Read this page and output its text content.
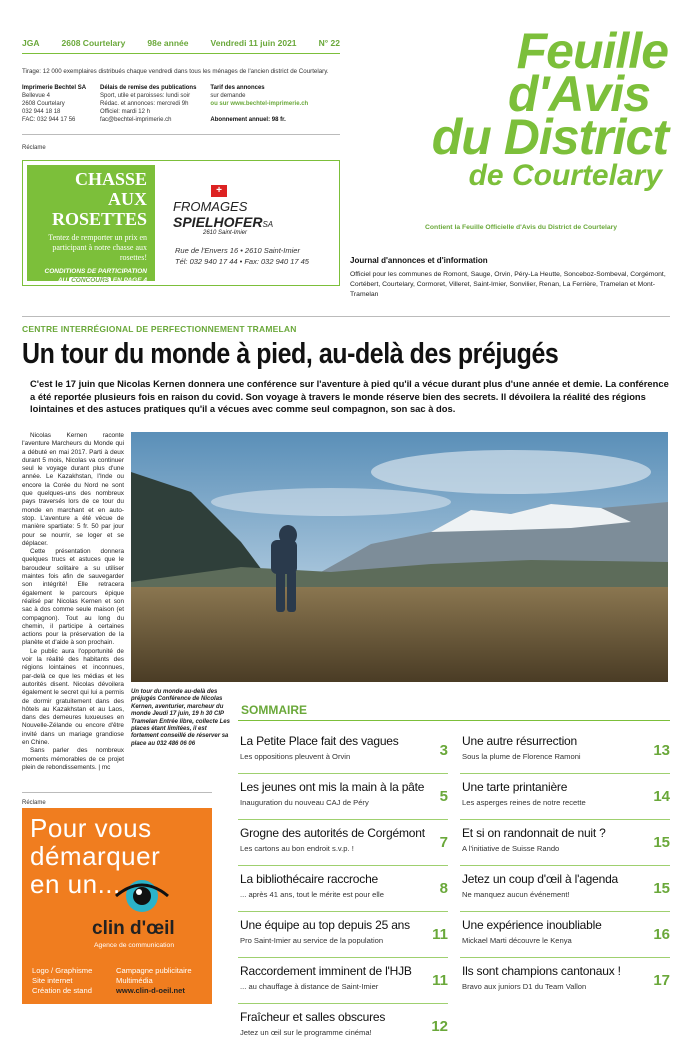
JGA	2608 Courtelary	98e année	Vendredi 11 juin 2021	N° 22
Tirage: 12 000 exemplaires distribués chaque vendredi dans tous les ménages de l'ancien district de Courtelary.
Imprimerie Bechtel SA
Bellevue 4
2608 Courtelary
032 944 18 18
FAC: 032 944 17 56
Délais de remise des publications
Sport, utile et paroisses: lundi soir
Rédac. et annonces: mercredi 9h
Officiel: mardi 12 h
fac@bechtel-imprimerie.ch
Tarif des annonces
sur demande
ou sur www.bechtel-imprimerie.ch
Abonnement annuel: 98 fr.
Réclame
Feuille
d'Avis
du District
de Courtelary
Contient la Feuille Officielle d'Avis du District de Courtelary
Journal d'annonces et d'information
Officiel pour les communes de Romont, Sauge, Orvin, Péry-La Heutte, Sonceboz-Sombeval, Corgémont, Cortébert, Courtelary, Cormoret, Villeret, Saint-Imier, Sonvilier, Renan, La Ferrière, Tramelan et Mont-Tramelan
CHASSE AUX
ROSETTES
Tentez de remporter un prix en participant à notre chasse aux rosettes!
CONDITIONS DE PARTICIPATION
AU CONCOURS EN PAGE 4
+
FROMAGES SPIELHOFERSA
2610 Saint-Imier
Rue de l'Envers 16 • 2610 Saint-Imier
Tél: 032 940 17 44 • Fax: 032 940 17 45
CENTRE INTERRÉGIONAL DE PERFECTIONNEMENT TRAMELAN
Un tour du monde à pied, au-delà des préjugés
C'est le 17 juin que Nicolas Kernen donnera une conférence sur l'aventure à pied qu'il a vécue durant plus d'une année et demie. La conférence a été reportée plusieurs fois en raison du covid. Son voyage à travers le monde réserve bien des secrets. Il dévoilera la réalité des régions lointaines et des astuces pratiques qu'il a vécues avec comme seul compagnon, son sac à dos.

Nicolas Kernen raconte l'aventure Marcheurs du Monde qui a débuté en mai 2017. Parti à deux durant 5 mois, Nicolas va continuer seul le voyage durant plus d'une année. Le Kazakhstan, l'Inde ou encore la Corée du Nord ne sont que quelques-uns des nombreux pays traversés lors de ce tour du monde en marchant et en auto-stop. L'aventure a été vécue de manière spartiate: 5 fr. 50 par jour pour se nourrir, se loger et se déplacer.

Cette présentation donnera quelques trucs et astuces que le baroudeur solitaire a su utiliser maintes fois afin de sauvegarder son intégrité! Elle retracera également le parcours épique réalisé par Nicolas Kernen et son sac à dos comme seule maison (et compagnon). Tout au long du chemin, il participe à certaines actions pour la préservation de la planète et d'aide à son prochain.

Le public aura l'opportunité de voir la réalité des habitants des régions lointaines et inconnues, par-delà ce que les médias et les autorités disent. Nicolas dévoilera également le secret qui lui a permis de dormir gratuitement dans des hôtels au Kazakhstan et au Laos, dans des demeures luxueuses en Nouvelle-Zélande ou encore d'être invité dans un mariage grandiose en Chine.

Sans parler des nombreux moments mémorables de ce projet plein de rebondissements. | mc

Un tour du monde au-delà des préjugés Conférence de Nicolas Kernen, aventurier, marcheur du monde Jeudi 17 juin, 19 h 30 CIP Tramelan Entrée libre, collecte Les places étant limitées, il est fortement conseillé de réserver sa place au 032 486 06 06
Réclame
Pour vous
démarquer
en un...
clin d'œil
Agence de communication
Logo / Graphisme
Site internet
Création de stand
Campagne publicitaire
Multimédia
www.clin-d-oeil.net
SOMMAIRE
La Petite Place fait des vagues
Les oppositions pleuvent à Orvin	3
Les jeunes ont mis la main à la pâte
Inauguration du nouveau CAJ de Péry	5
Grogne des autorités de Corgémont
Les cartons au bon endroit s.v.p. !	7
La bibliothécaire raccroche
... après 41 ans, tout le mérite est pour elle	8
Une équipe au top depuis 25 ans
Pro Saint-Imier au service de la population	11
Raccordement imminent de l'HJB
... au chauffage à distance de Saint-Imier	11
Fraîcheur et salles obscures
Jetez un œil sur le programme cinéma!	12
Une autre résurrection
Sous la plume de Florence Ramoni	13
Une tarte printanière
Les asperges reines de notre recette	14
Et si on randonnait de nuit ?
A l'initiative de Suisse Rando	15
Jetez un coup d'œil à l'agenda
Ne manquez aucun événement!	15
Une expérience inoubliable
Mickael Marti découvre le Kenya	16
Ils sont champions cantonaux !
Bravo aux juniors D1 du Team Vallon	17
